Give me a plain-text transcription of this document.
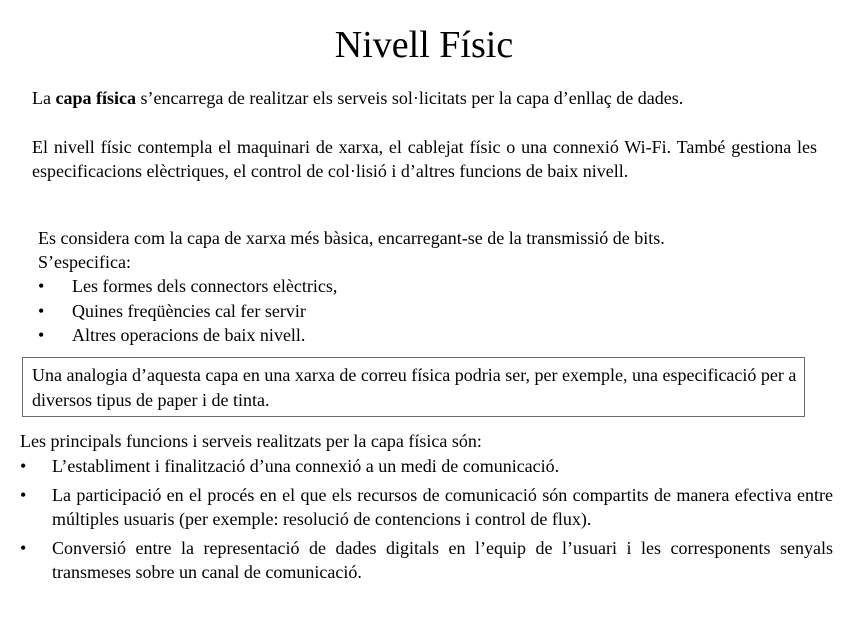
Nivell Físic
La capa física s’encarrega de realitzar els serveis sol·licitats per la capa d’enllaç de dades.
El nivell físic contempla el maquinari de xarxa, el cablejat físic o una connexió Wi-Fi. També gestiona les especificacions elèctriques, el control de col·lisió i d’altres funcions de baix nivell.
Es considera com la capa de xarxa més bàsica, encarregant-se de la transmissió de bits.
S’especifica:
• Les formes dels connectors elèctrics,
• Quines freqüències cal fer servir
• Altres operacions de baix nivell.
Una analogia d’aquesta capa en una xarxa de correu física podria ser, per exemple, una especificació per a diversos tipus de paper i de tinta.
Les principals funcions i serveis realitzats per la capa física són:
• L’establiment i finalització d’una connexió a un medi de comunicació.
• La participació en el procés en el que els recursos de comunicació són compartits de manera efectiva entre múltiples usuaris (per exemple: resolució de contencions i control de flux).
• Conversió entre la representació de dades digitals en l’equip de l’usuari i les corresponents senyals transmeses sobre un canal de comunicació.
